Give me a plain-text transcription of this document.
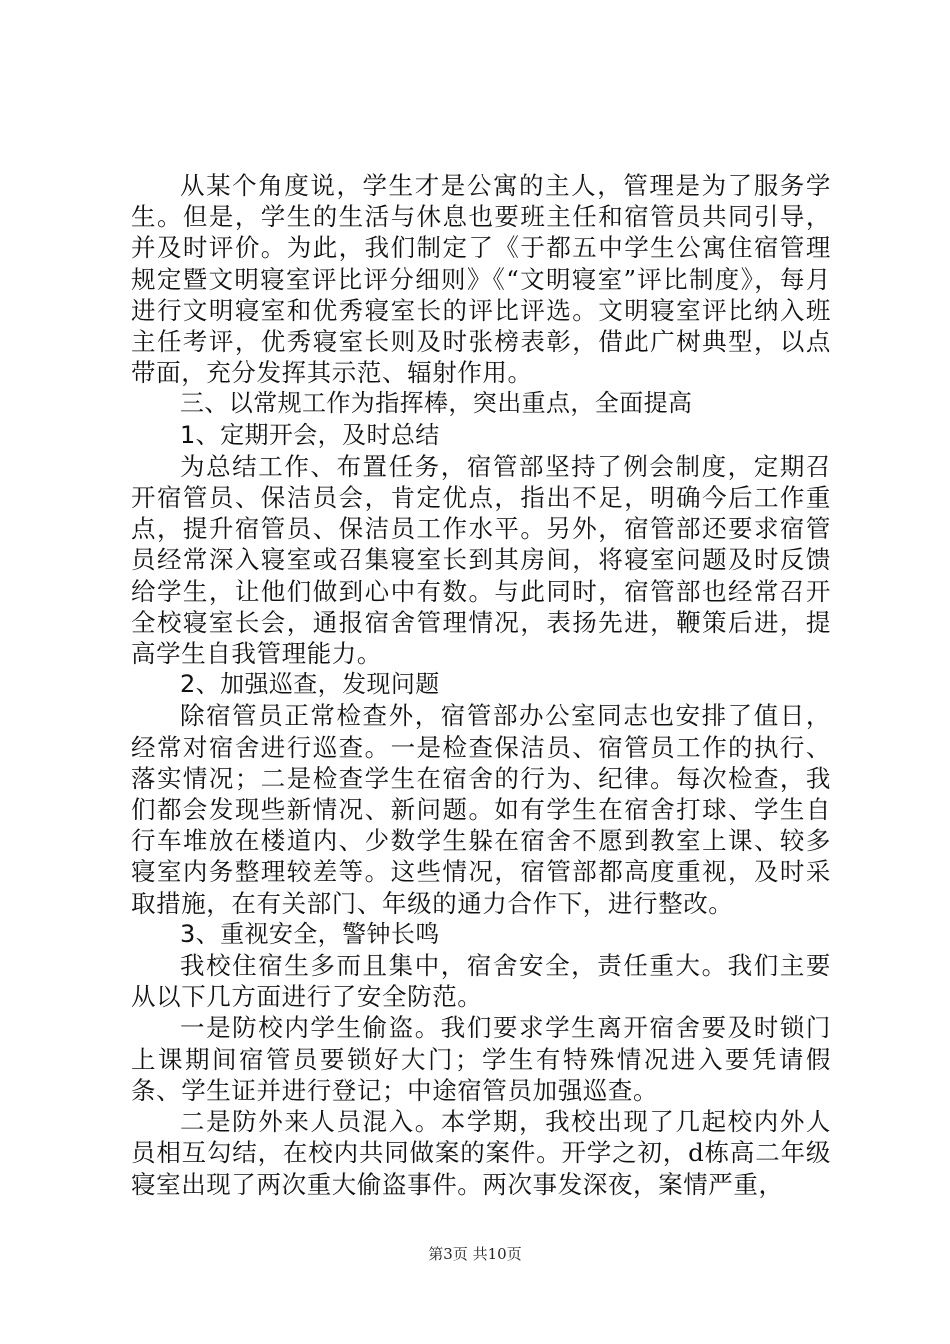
从某个角度说，学生才是公寓的主人，管理是为了服务学生。但是，学生的生活与休息也要班主任和宿管员共同引导，并及时评价。为此，我们制定了《于都五中学生公寓住宿管理规定暨文明寝室评比评分细则》《“文明寝室”评比制度》，每月进行文明寝室和优秀寝室长的评比评选。文明寝室评比纳入班主任考评，优秀寝室长则及时张榜表彰，借此广树典型，以点带面，充分发挥其示范、辐射作用。

三、以常规工作为指挥棒，突出重点，全面提高

1、定期开会，及时总结

为总结工作、布置任务，宿管部坚持了例会制度，定期召开宿管员、保洁员会，肯定优点，指出不足，明确今后工作重点，提升宿管员、保洁员工作水平。另外，宿管部还要求宿管员经常深入寝室或召集寝室长到其房间，将寝室问题及时反馈给学生，让他们做到心中有数。与此同时，宿管部也经常召开全校寝室长会，通报宿舍管理情况，表扬先进，鞭策后进，提高学生自我管理能力。

2、加强巡查，发现问题

除宿管员正常检查外，宿管部办公室同志也安排了值日，经常对宿舍进行巡查。一是检查保洁员、宿管员工作的执行、落实情况；二是检查学生在宿舍的行为、纪律。每次检查，我们都会发现些新情况、新问题。如有学生在宿舍打球、学生自行车堆放在楼道内、少数学生躲在宿舍不愿到教室上课、较多寝室内务整理较差等。这些情况，宿管部都高度重视，及时采取措施，在有关部门、年级的通力合作下，进行整改。

3、重视安全，警钟长鸣

我校住宿生多而且集中，宿舍安全，责任重大。我们主要从以下几方面进行了安全防范。

一是防校内学生偷盗。我们要求学生离开宿舍要及时锁门上课期间宿管员要锁好大门；学生有特殊情况进入要凭请假条、学生证并进行登记；中途宿管员加强巡查。

二是防外来人员混入。本学期，我校出现了几起校内外人员相互勾结，在校内共同做案的案件。开学之初，d栋高二年级寝室出现了两次重大偷盗事件。两次事发深夜，案情严重，

第3页 共10页
